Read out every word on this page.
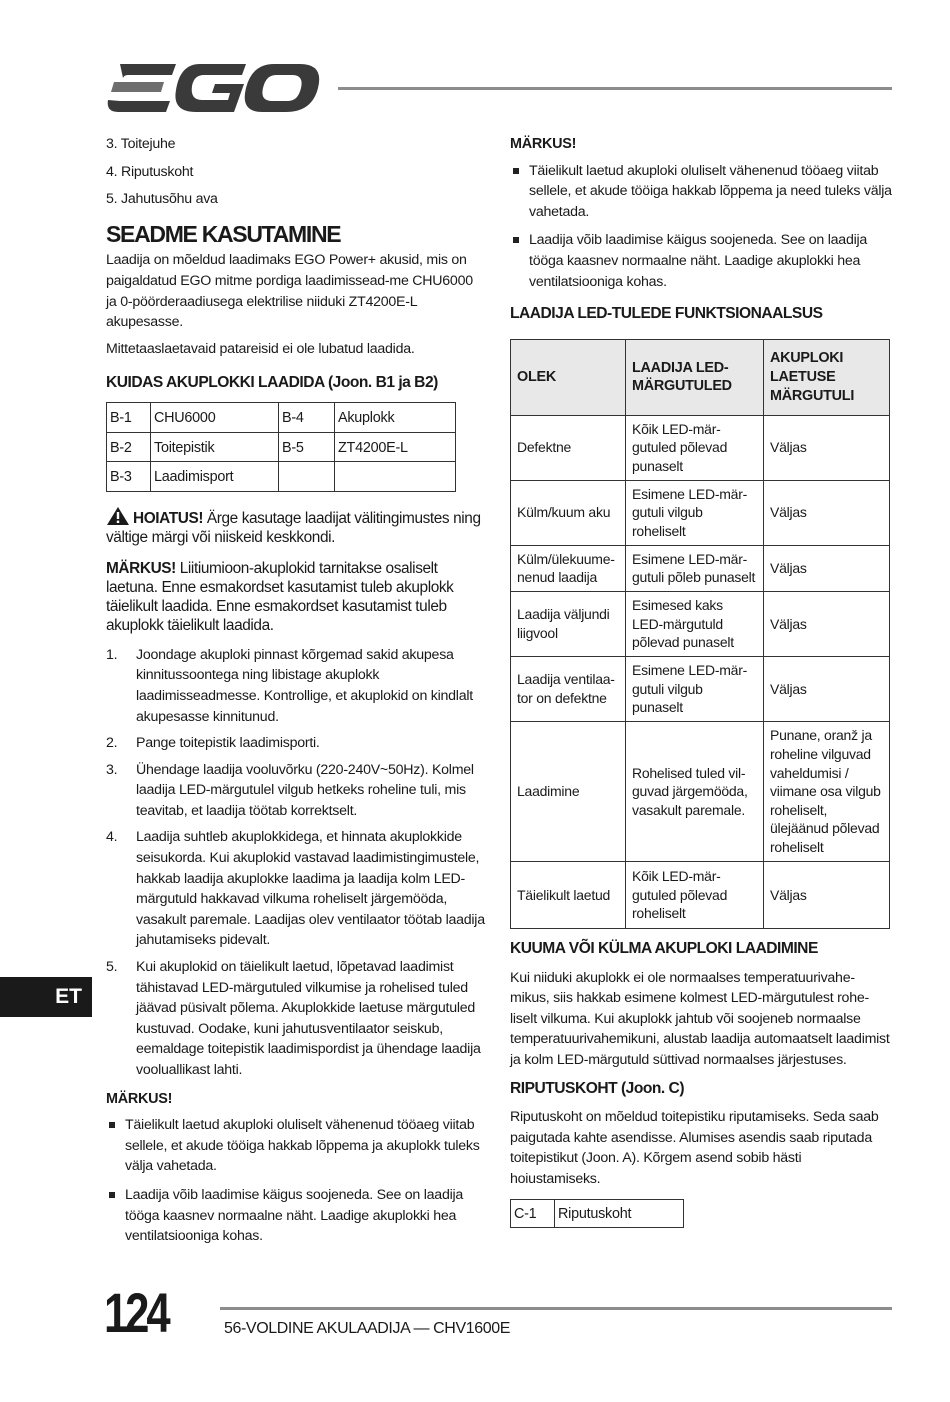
3. Toitejuhe
4. Riputuskoht
5. Jahutusõhu ava
SEADME KASUTAMINE

Laadija on mõeldud laadimaks EGO Power+ akusid, mis on paigaldatud EGO mitme pordiga laadimissead-me CHU6000 ja 0-pöörderaadiusega elektrilise niiduki ZT4200E-L akupesasse.

Mittetaaslaetavaid patareisid ei ole lubatud laadida.

KUIDAS AKUPLOKKI LAADIDA (Joon. B1 ja B2)
B-1	CHU6000	B-4	Akuplokk
B-2	Toitepistik	B-5	ZT4200E-L
B-3	Laadimisport		

HOIATUS! Ärge kasutage laadijat välitingimustes ning vältige märgi või niiskeid keskkondi.

MÄRKUS! Liitiumioon-akuplokid tarnitakse osaliselt laetuna. Enne esmakordset kasutamist tuleb akuplokk täielikult laadida. Enne esmakordset kasutamist tuleb akuplokk täielikult laadida.

1.	Joondage akuploki pinnast kõrgemad sakid akupesa kinnitussoontega ning libistage akuplokk laadimisseadmesse. Kontrollige, et akuplokid on kindlalt akupesasse kinnitunud.
2.	Pange toitepistik laadimisporti.
3.	Ühendage laadija vooluvõrku (220-240V~50Hz). Kolmel laadija LED-märgutulel vilgub hetkeks roheline tuli, mis teavitab, et laadija töötab korrektselt.
4.	Laadija suhtleb akuplokkidega, et hinnata akuplokkide seisukorda. Kui akuplokid vastavad laadimistingimustele, hakkab laadija akuplokke laadima ja laadija kolm LED-märgutuld hakkavad vilkuma roheliselt järgemööda, vasakult paremale. Laadijas olev ventilaator töötab laadija jahutamiseks pidevalt.
5.	Kui akuplokid on täielikult laetud, lõpetavad laadimist tähistavad LED-märgutuled vilkumise ja rohelised tuled jäävad püsivalt põlema. Akuplokkide laetuse märgutuled kustuvad. Oodake, kuni jahutusventilaator seiskub, eemaldage toitepistik laadimispordist ja ühendage laadija vooluallikast lahti.
MÄRKUS!
Täielikult laetud akuploki oluliselt vähenenud tööaeg viitab sellele, et akude tööiga hakkab lõppema ja akuplokk tuleks välja vahetada.
Laadija võib laadimise käigus soojeneda. See on laadija tööga kaasnev normaalne näht. Laadige akuplokki hea ventilatsiooniga kohas.
MÄRKUS!
Täielikult laetud akuploki oluliselt vähenenud tööaeg viitab sellele, et akude tööiga hakkab lõppema ja need tuleks välja vahetada.
Laadija võib laadimise käigus soojeneda. See on laadija tööga kaasnev normaalne näht. Laadige akuplokki hea ventilatsiooniga kohas.
LAADIJA LED-TULEDE FUNKTSIONAALSUS
OLEK	LAADIJA LED-MÄRGUTULED	AKUPLOKI LAETUSE MÄRGUTULI
Defektne	Kõik LED-mär-gutuled põlevad punaselt	Väljas
Külm/kuum aku	Esimene LED-mär-gutuli vilgub roheliselt	Väljas
Külm/ülekuume-nenud laadija	Esimene LED-mär-gutuli põleb punaselt	Väljas
Laadija väljundi liigvool	Esimesed kaks LED-märgutuld põlevad punaselt	Väljas
Laadija ventilaa-tor on defektne	Esimene LED-mär-gutuli vilgub punaselt	Väljas
Laadimine	Rohelised tuled vil-guvad järgemööda, vasakult paremale.	Punane, oranž ja roheline vilguvad vaheldumisi / viimane osa vilgub roheliselt, ülejäänud põlevad roheliselt
Täielikult laetud	Kõik LED-mär-gutuled põlevad roheliselt	Väljas
KUUMA VÕI KÜLMA AKUPLOKI LAADIMINE

Kui niiduki akuplokk ei ole normaalses temperatuurivahe-mikus, siis hakkab esimene kolmest LED-märgutulest rohe-liselt vilkuma. Kui akuplokk jahtub või soojeneb normaalse temperatuurivahemikuni, alustab laadija automaatselt laadimist ja kolm LED-märgutuld süttivad normaalses järjestuses.

RIPUTUSKOHT (Joon. C)

Riputuskoht on mõeldud toitepistiku riputamiseks. Seda saab paigutada kahte asendisse. Alumises asendis saab riputada toitepistikut (Joon. A). Kõrgem asend sobib hästi hoiustamiseks.

C-1	Riputuskoht
ET
124	56-VOLDINE AKULAADIJA — CHV1600E
